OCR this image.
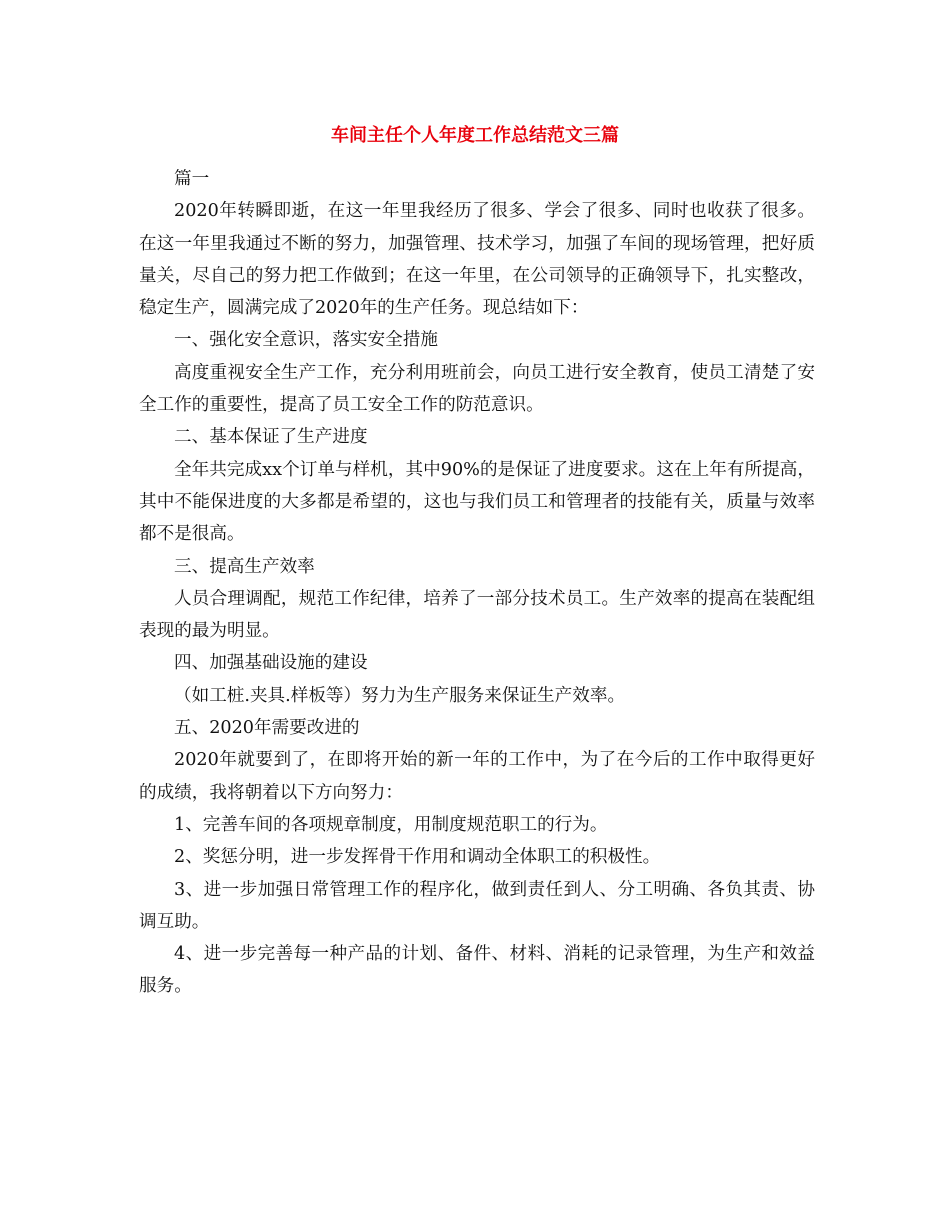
车间主任个人年度工作总结范文三篇

篇一

2020年转瞬即逝，在这一年里我经历了很多、学会了很多、同时也收获了很多。在这一年里我通过不断的努力，加强管理、技术学习，加强了车间的现场管理，把好质量关，尽自己的努力把工作做到；在这一年里，在公司领导的正确领导下，扎实整改，稳定生产，圆满完成了2020年的生产任务。现总结如下：

一、强化安全意识，落实安全措施

高度重视安全生产工作，充分利用班前会，向员工进行安全教育，使员工清楚了安全工作的重要性，提高了员工安全工作的防范意识。

二、基本保证了生产进度

全年共完成xx个订单与样机，其中90%的是保证了进度要求。这在上年有所提高，其中不能保进度的大多都是希望的，这也与我们员工和管理者的技能有关，质量与效率都不是很高。

三、提高生产效率

人员合理调配，规范工作纪律，培养了一部分技术员工。生产效率的提高在装配组表现的最为明显。

四、加强基础设施的建设

（如工桩.夹具.样板等）努力为生产服务来保证生产效率。

五、2020年需要改进的

2020年就要到了，在即将开始的新一年的工作中，为了在今后的工作中取得更好的成绩，我将朝着以下方向努力：

1、完善车间的各项规章制度，用制度规范职工的行为。

2、奖惩分明，进一步发挥骨干作用和调动全体职工的积极性。

3、进一步加强日常管理工作的程序化，做到责任到人、分工明确、各负其责、协调互助。

4、进一步完善每一种产品的计划、备件、材料、消耗的记录管理，为生产和效益服务。
